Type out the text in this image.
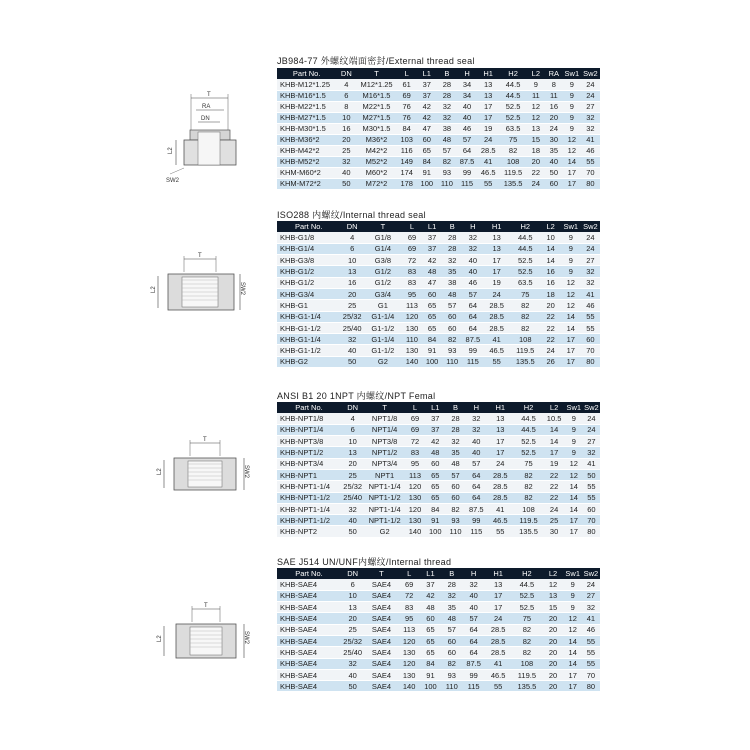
JB984-77 外螺纹端面密封/External thread seal
T
RA
DN
L2
SW2
Part No.	DN	T	L	L1	B	H	H1	H2	L2	RA	Sw1	Sw2
KHB-M12*1.25	4	M12*1.25	61	37	28	34	13	44.5	9	8	9	24
KHB-M16*1.5	6	M16*1.5	69	37	28	34	13	44.5	11	11	9	24
KHB-M22*1.5	8	M22*1.5	76	42	32	40	17	52.5	12	16	9	27
KHB-M27*1.5	10	M27*1.5	76	42	32	40	17	52.5	12	20	9	32
KHB-M30*1.5	16	M30*1.5	84	47	38	46	19	63.5	13	24	9	32
KHB-M36*2	20	M36*2	103	60	48	57	24	75	15	30	12	41
KHB-M42*2	25	M42*2	116	65	57	64	28.5	82	18	35	12	46
KHB-M52*2	32	M52*2	149	84	82	87.5	41	108	20	40	14	55
KHM-M60*2	40	M60*2	174	91	93	99	46.5	119.5	22	50	17	70
KHM-M72*2	50	M72*2	178	100	110	115	55	135.5	24	60	17	80
ISO288 内螺纹/Internal thread seal
T
L2	SW2
Part No.	DN	T	L	L1	B	H	H1	H2	L2	Sw1	Sw2
KHB-G1/8	4	G1/8	69	37	28	32	13	44.5	10	9	24
KHB-G1/4	6	G1/4	69	37	28	32	13	44.5	14	9	24
KHB-G3/8	10	G3/8	72	42	32	40	17	52.5	14	9	27
KHB-G1/2	13	G1/2	83	48	35	40	17	52.5	16	9	32
KHB-G1/2	16	G1/2	83	47	38	46	19	63.5	16	12	32
KHB-G3/4	20	G3/4	95	60	48	57	24	75	18	12	41
KHB-G1	25	G1	113	65	57	64	28.5	82	20	12	46
KHB-G1-1/4	25/32	G1-1/4	120	65	60	64	28.5	82	22	14	55
KHB-G1-1/2	25/40	G1-1/2	130	65	60	64	28.5	82	22	14	55
KHB-G1-1/4	32	G1-1/4	110	84	82	87.5	41	108	22	17	60
KHB-G1-1/2	40	G1-1/2	130	91	93	99	46.5	119.5	24	17	70
KHB-G2	50	G2	140	100	110	115	55	135.5	26	17	80
ANSI B1 20 1NPT 内螺纹/NPT Femal
T
L2	SW2
Part No.	DN	T	L	L1	B	H	H1	H2	L2	Sw1	Sw2
KHB-NPT1/8	4	NPT1/8	69	37	28	32	13	44.5	10.5	9	24
KHB-NPT1/4	6	NPT1/4	69	37	28	32	13	44.5	14	9	24
KHB-NPT3/8	10	NPT3/8	72	42	32	40	17	52.5	14	9	27
KHB-NPT1/2	13	NPT1/2	83	48	35	40	17	52.5	17	9	32
KHB-NPT3/4	20	NPT3/4	95	60	48	57	24	75	19	12	41
KHB-NPT1	25	NPT1	113	65	57	64	28.5	82	22	12	50
KHB-NPT1-1/4	25/32	NPT1-1/4	120	65	60	64	28.5	82	22	14	55
KHB-NPT1-1/2	25/40	NPT1-1/2	130	65	60	64	28.5	82	22	14	55
KHB-NPT1-1/4	32	NPT1-1/4	120	84	82	87.5	41	108	24	14	60
KHB-NPT1-1/2	40	NPT1-1/2	130	91	93	99	46.5	119.5	25	17	70
KHB-NPT2	50	G2	140	100	110	115	55	135.5	30	17	80
SAE J514 UN/UNF内螺纹/Internal thread
T
L2	SW2
Part No.	DN	T	L	L1	B	H	H1	H2	L2	Sw1	Sw2
KHB-SAE4	6	SAE4	69	37	28	32	13	44.5	12	9	24
KHB-SAE4	10	SAE4	72	42	32	40	17	52.5	13	9	27
KHB-SAE4	13	SAE4	83	48	35	40	17	52.5	15	9	32
KHB-SAE4	20	SAE4	95	60	48	57	24	75	20	12	41
KHB-SAE4	25	SAE4	113	65	57	64	28.5	82	20	12	46
KHB-SAE4	25/32	SAE4	120	65	60	64	28.5	82	20	14	55
KHB-SAE4	25/40	SAE4	130	65	60	64	28.5	82	20	14	55
KHB-SAE4	32	SAE4	120	84	82	87.5	41	108	20	14	55
KHB-SAE4	40	SAE4	130	91	93	99	46.5	119.5	20	17	70
KHB-SAE4	50	SAE4	140	100	110	115	55	135.5	20	17	80
